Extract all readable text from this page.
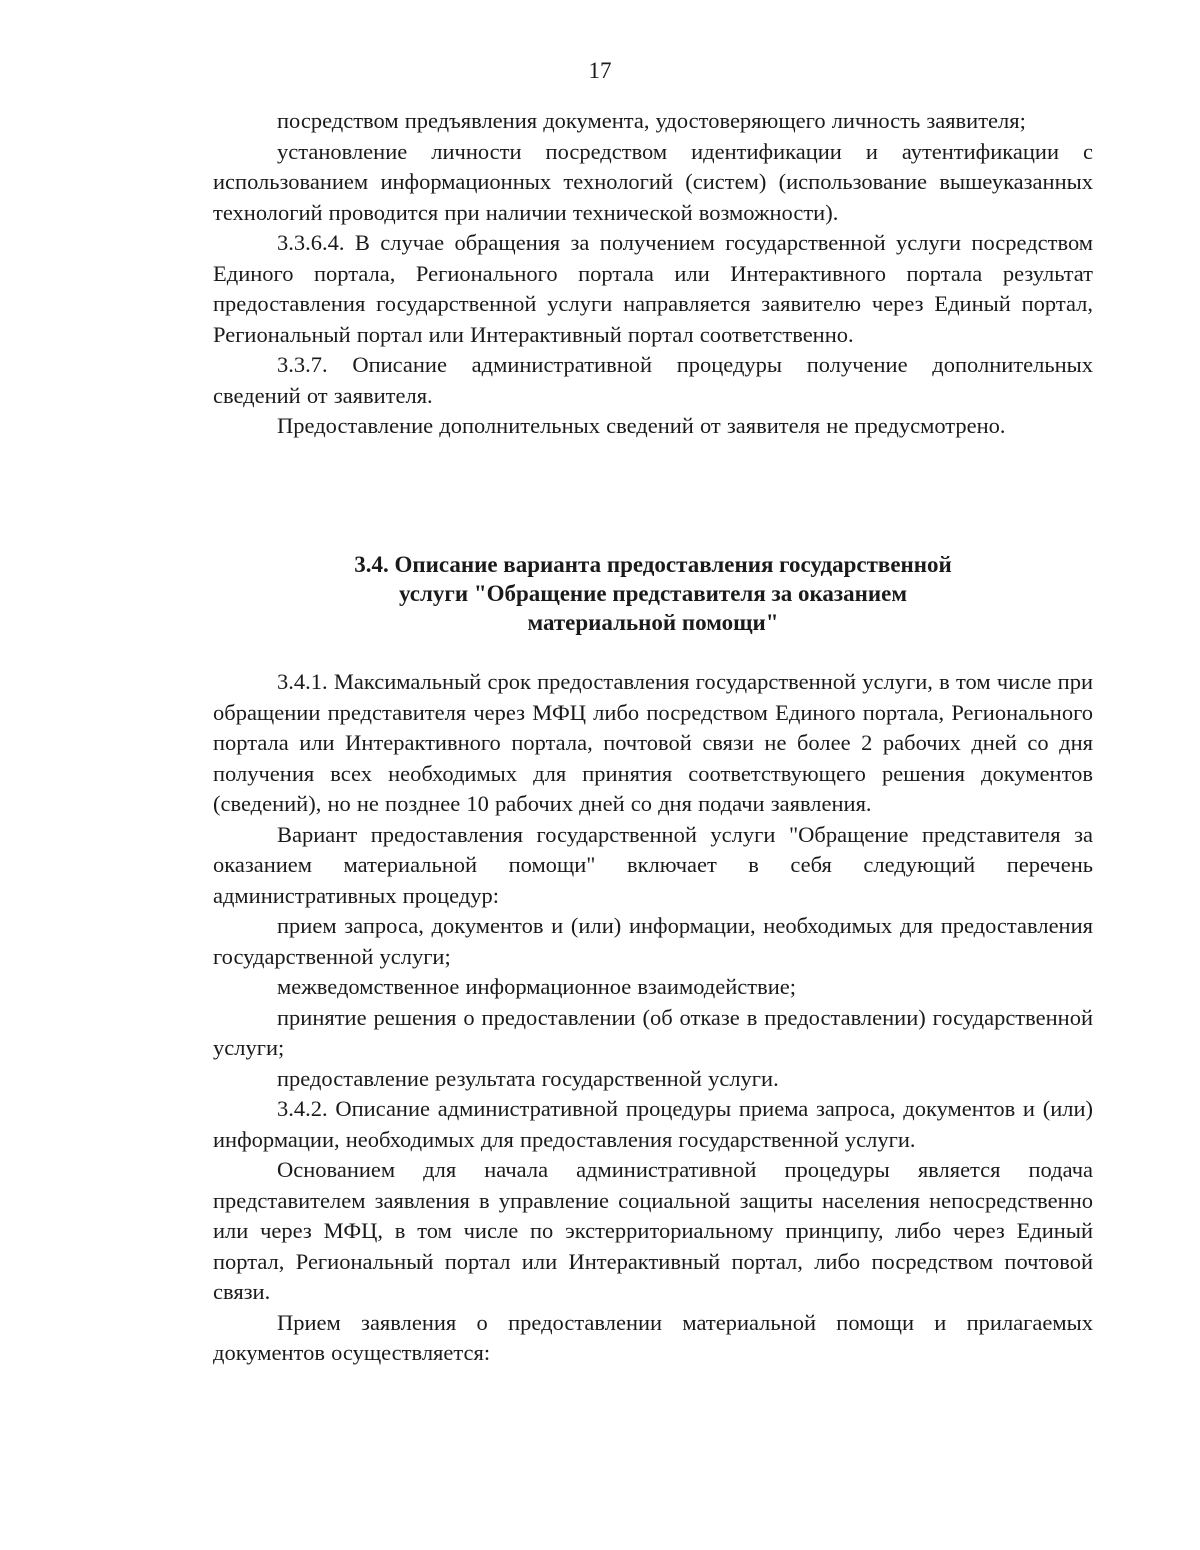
17

посредством предъявления документа, удостоверяющего личность заявителя;

установление личности посредством идентификации и аутентификации с использованием информационных технологий (систем) (использование вышеуказанных технологий проводится при наличии технической возможности).

3.3.6.4. В случае обращения за получением государственной услуги посредством Единого портала, Регионального портала или Интерактивного портала результат предоставления государственной услуги направляется заявителю через Единый портал, Региональный портал или Интерактивный портал соответственно.

3.3.7. Описание административной процедуры получение дополнительных сведений от заявителя.

Предоставление дополнительных сведений от заявителя не предусмотрено.

3.4. Описание варианта предоставления государственной
услуги "Обращение представителя за оказанием
материальной помощи"

3.4.1. Максимальный срок предоставления государственной услуги, в том числе при обращении представителя через МФЦ либо посредством Единого портала, Регионального портала или Интерактивного портала, почтовой связи не более 2 рабочих дней со дня получения всех необходимых для принятия соответствующего решения документов (сведений), но не позднее 10 рабочих дней со дня подачи заявления.

Вариант предоставления государственной услуги "Обращение представителя за оказанием материальной помощи" включает в себя следующий перечень административных процедур:

прием запроса, документов и (или) информации, необходимых для предоставления государственной услуги;

межведомственное информационное взаимодействие;

принятие решения о предоставлении (об отказе в предоставлении) государственной услуги;

предоставление результата государственной услуги.

3.4.2. Описание административной процедуры приема запроса, документов и (или) информации, необходимых для предоставления государственной услуги.

Основанием для начала административной процедуры является подача представителем заявления в управление социальной защиты населения непосредственно или через МФЦ, в том числе по экстерриториальному принципу, либо через Единый портал, Региональный портал или Интерактивный портал, либо посредством почтовой связи.

Прием заявления о предоставлении материальной помощи и прилагаемых документов осуществляется:
